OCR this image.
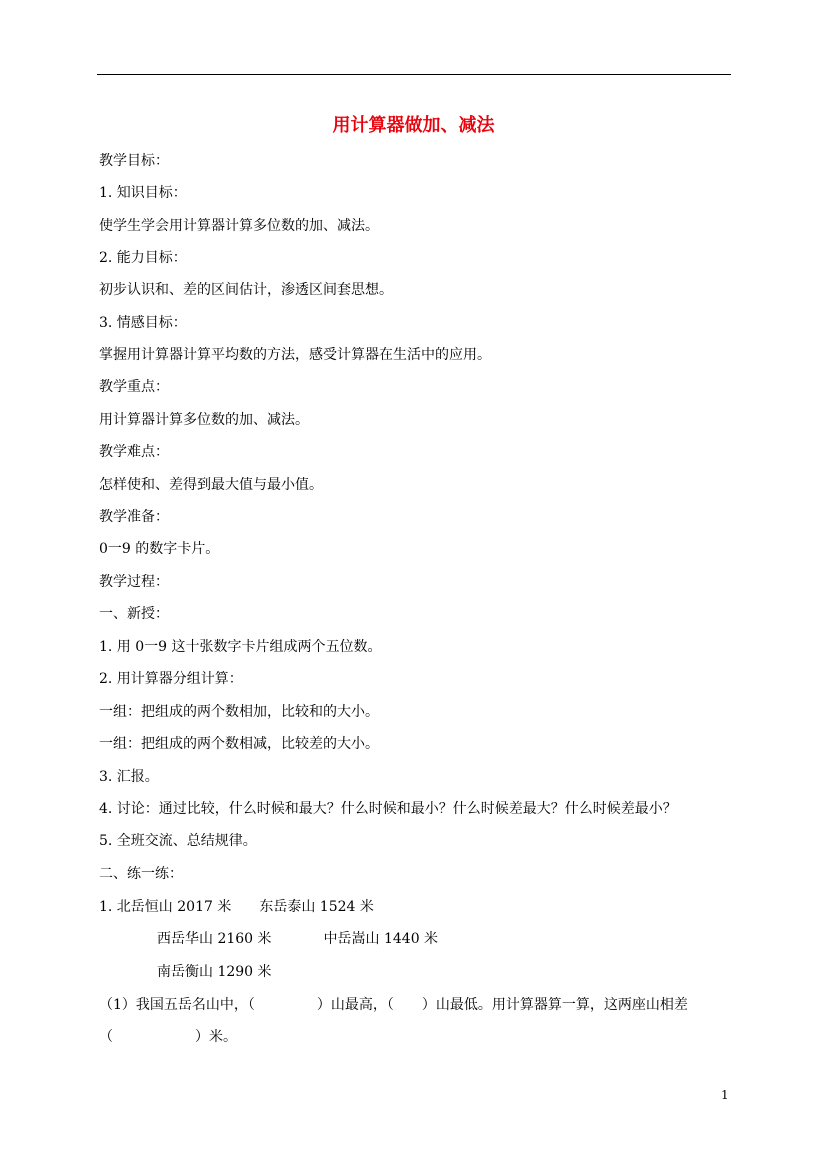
用计算器做加、减法
教学目标：
1. 知识目标：
使学生学会用计算器计算多位数的加、减法。
2. 能力目标：
初步认识和、差的区间估计，渗透区间套思想。
3. 情感目标：
掌握用计算器计算平均数的方法，感受计算器在生活中的应用。
教学重点：
用计算器计算多位数的加、减法。
教学难点：
怎样使和、差得到最大值与最小值。
教学准备：
0一9 的数字卡片。
教学过程：
一、新授：
1. 用 0一9 这十张数字卡片组成两个五位数。
2. 用计算器分组计算：
一组：把组成的两个数相加，比较和的大小。
一组：把组成的两个数相减，比较差的大小。
3. 汇报。
4. 讨论：通过比较，什么时候和最大？什么时候和最小？什么时候差最大？什么时候差最小？
5. 全班交流、总结规律。
二、练一练：
1. 北岳恒山 2017 米 东岳泰山 1524 米
西岳华山 2160 米	中岳嵩山 1440 米
南岳衡山 1290 米
（1）我国五岳名山中，（	）山最高，（ ）山最低。用计算器算一算，这两座山相差
（	）米。
1
